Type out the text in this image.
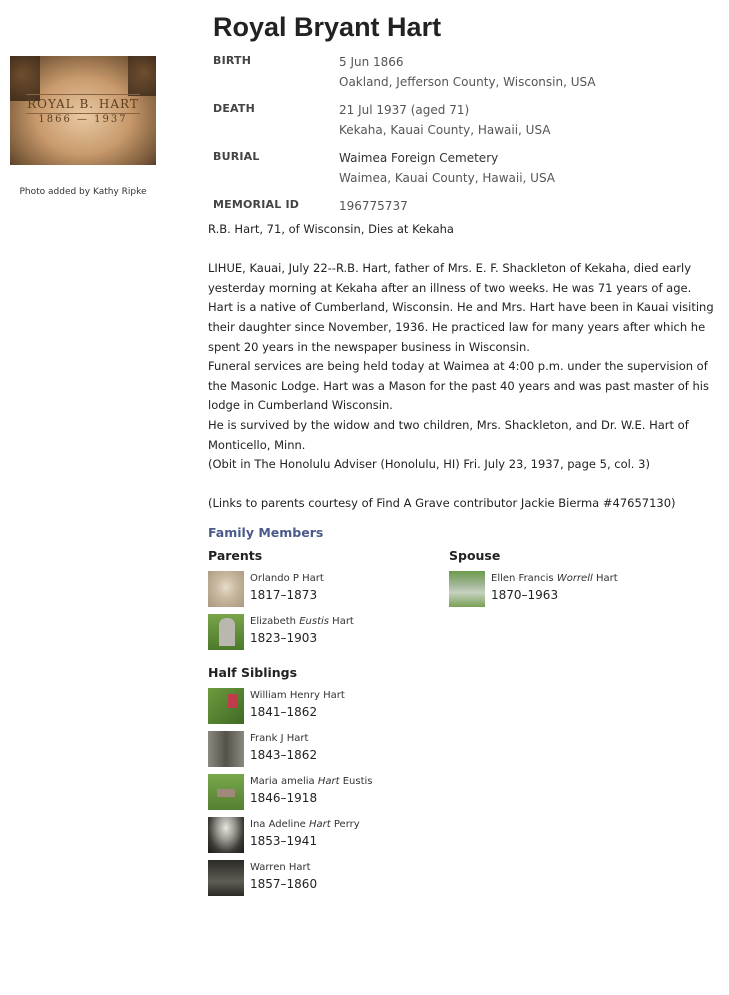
ROYAL B. HART
1866 — 1937
Photo added by Kathy Ripke
Royal Bryant Hart
BIRTH	5 Jun 1866
Oakland, Jefferson County, Wisconsin, USA
DEATH	21 Jul 1937 (aged 71)
Kekaha, Kauai County, Hawaii, USA
BURIAL	Waimea Foreign Cemetery
Waimea, Kauai County, Hawaii, USA
MEMORIAL ID	196775737

R.B. Hart, 71, of Wisconsin, Dies at Kekaha

LIHUE, Kauai, July 22--R.B. Hart, father of Mrs. E. F. Shackleton of Kekaha, died early yesterday morning at Kekaha after an illness of two weeks. He was 71 years of age.

Hart is a native of Cumberland, Wisconsin. He and Mrs. Hart have been in Kauai visiting their daughter since November, 1936. He practiced law for many years after which he spent 20 years in the newspaper business in Wisconsin.

Funeral services are being held today at Waimea at 4:00 p.m. under the supervision of the Masonic Lodge. Hart was a Mason for the past 40 years and was past master of his lodge in Cumberland Wisconsin.

He is survived by the widow and two children, Mrs. Shackleton, and Dr. W.E. Hart of Monticello, Minn.

(Obit in The Honolulu Adviser (Honolulu, HI) Fri. July 23, 1937, page 5, col. 3)

(Links to parents courtesy of Find A Grave contributor Jackie Bierma #47657130)

Family Members
Parents
Orlando P Hart
1817–1873
Elizabeth Eustis Hart
1823–1903
Spouse
Ellen Francis Worrell Hart
1870–1963
Half Siblings
William Henry Hart
1841–1862
Frank J Hart
1843–1862
Maria amelia Hart Eustis
1846–1918
Ina Adeline Hart Perry
1853–1941
Warren Hart
1857–1860
